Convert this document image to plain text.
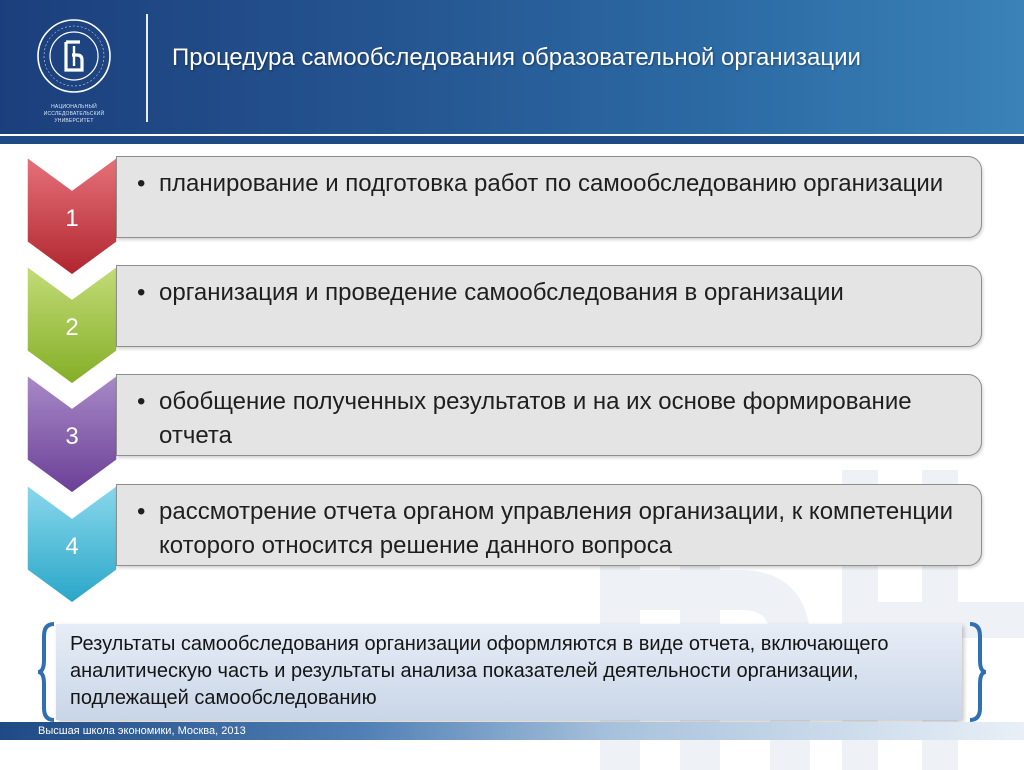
НАЦИОНАЛЬНЫЙ ИССЛЕДОВАТЕЛЬСКИЙ УНИВЕРСИТЕТ
Процедура самообследования образовательной организации
1
• планирование и подготовка работ по самообследованию организации
2
• организация и проведение самообследования в организации
3
• обобщение полученных результатов и на их основе формирование отчета
4
• рассмотрение отчета органом управления организации, к компетенции которого относится решение данного вопроса
Результаты самообследования организации оформляются в виде отчета, включающего аналитическую часть и результаты анализа показателей деятельности организации, подлежащей самообследованию
Высшая школа экономики, Москва, 2013
